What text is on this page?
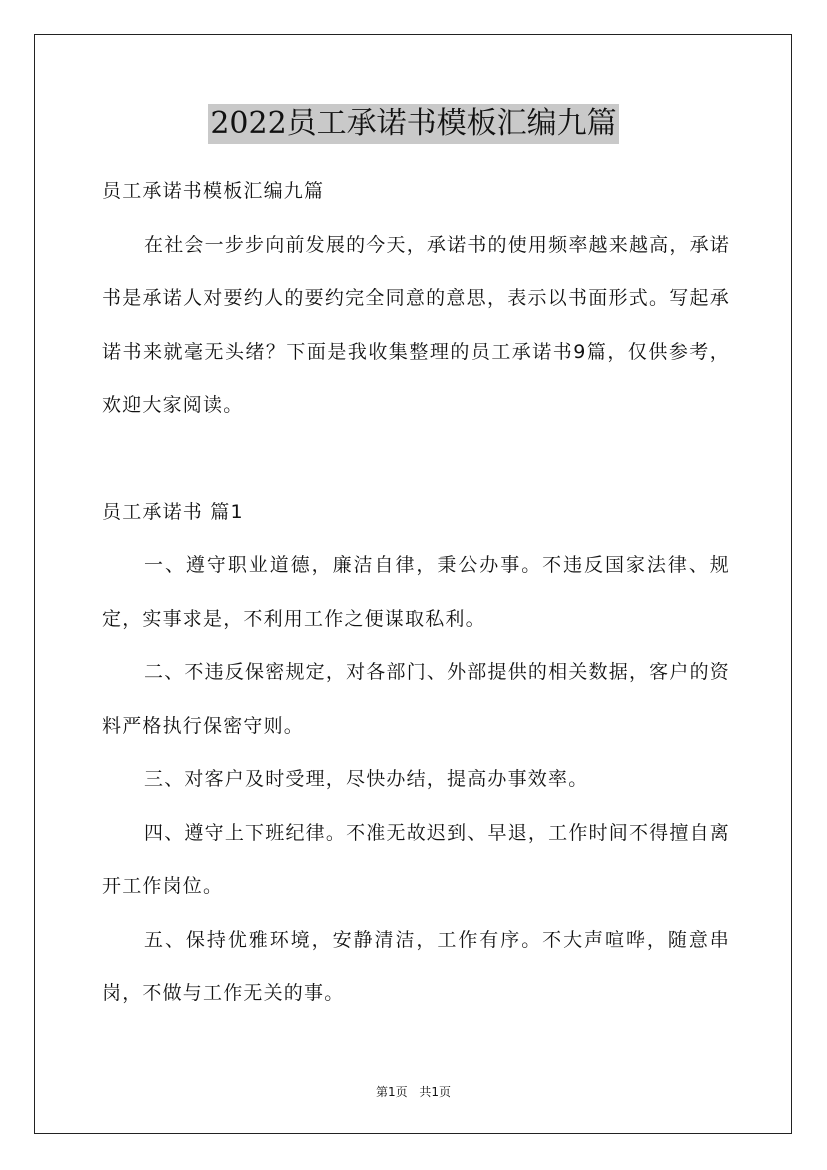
2022员工承诺书模板汇编九篇

员工承诺书模板汇编九篇

在社会一步步向前发展的今天，承诺书的使用频率越来越高，承诺书是承诺人对要约人的要约完全同意的意思，表示以书面形式。写起承诺书来就毫无头绪？下面是我收集整理的员工承诺书9篇，仅供参考，欢迎大家阅读。

员工承诺书 篇1

一、遵守职业道德，廉洁自律，秉公办事。不违反国家法律、规定，实事求是，不利用工作之便谋取私利。

二、不违反保密规定，对各部门、外部提供的相关数据，客户的资料严格执行保密守则。

三、对客户及时受理，尽快办结，提高办事效率。

四、遵守上下班纪律。不准无故迟到、早退，工作时间不得擅自离开工作岗位。

五、保持优雅环境，安静清洁，工作有序。不大声喧哗，随意串岗，不做与工作无关的事。

第1页 共1页
